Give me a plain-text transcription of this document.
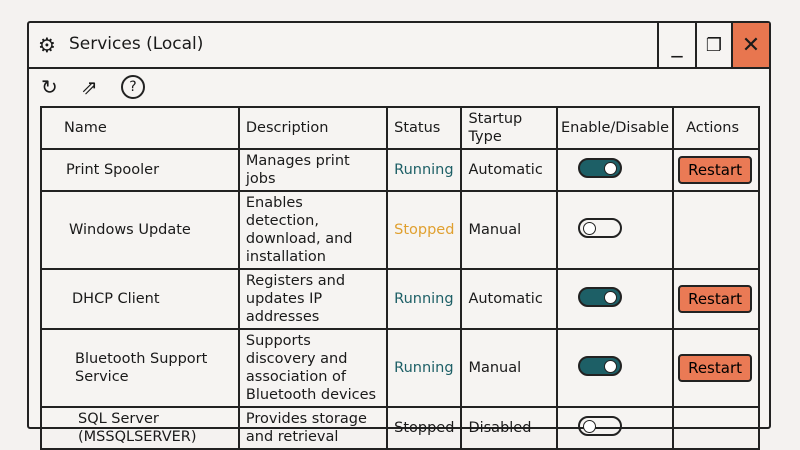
⚙ Services (Local)	_	❐ ✕
↻ ⇗	?
Name	Description	Status	Startup Type	Enable/Disable	Actions
Print Spooler	Manages print jobs	Running	Automatic		Restart
Windows Update	Enables detection, download, and installation	Stopped	Manual	

DHCP Client	Registers and updates IP addresses	Running	Automatic		Restart
Bluetooth Support Service	Supports discovery and association of Bluetooth devices	Running	Manual		Restart
SQL Server (MSSQLSERVER)	Provides storage and retrieval	Stopped	Disabled	
